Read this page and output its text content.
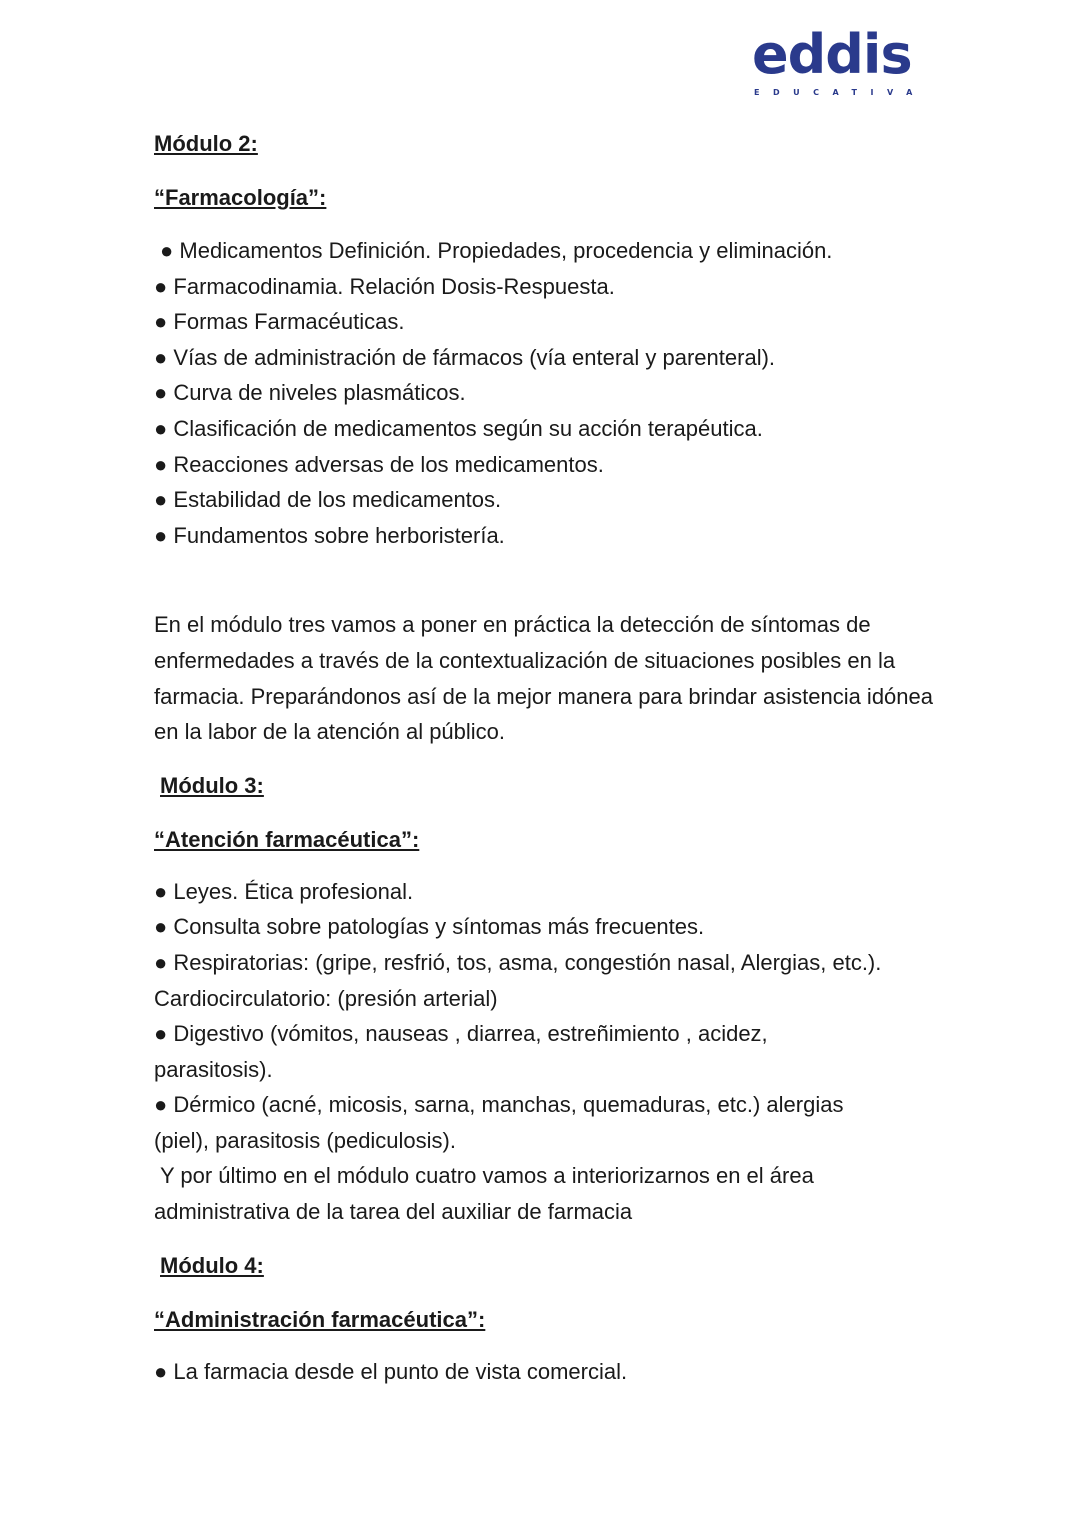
eddis

EDUCATIVA
Módulo 2:
“Farmacología”:
● Medicamentos Definición. Propiedades, procedencia y eliminación.
● Farmacodinamia. Relación Dosis-Respuesta.
● Formas Farmacéuticas.
● Vías de administración de fármacos (vía enteral y parenteral).
● Curva de niveles plasmáticos.
● Clasificación de medicamentos según su acción terapéutica.
● Reacciones adversas de los medicamentos.
● Estabilidad de los medicamentos.
● Fundamentos sobre herboristería.

En el módulo tres vamos a poner en práctica la detección de síntomas de enfermedades a través de la contextualización de situaciones posibles en la farmacia. Preparándonos así de la mejor manera para brindar asistencia idónea en la labor de la atención al público.

Módulo 3:
“Atención farmacéutica”:
● Leyes. Ética profesional.
● Consulta sobre patologías y síntomas más frecuentes.
● Respiratorias: (gripe, resfrió, tos, asma, congestión nasal, Alergias, etc.).
Cardiocirculatorio: (presión arterial)
● Digestivo (vómitos, nauseas , diarrea, estreñimiento , acidez,
parasitosis).
● Dérmico (acné, micosis, sarna, manchas, quemaduras, etc.) alergias
(piel), parasitosis (pediculosis).
Y por último en el módulo cuatro vamos a interiorizarnos en el área
administrativa de la tarea del auxiliar de farmacia
Módulo 4:
“Administración farmacéutica”:
● La farmacia desde el punto de vista comercial.
